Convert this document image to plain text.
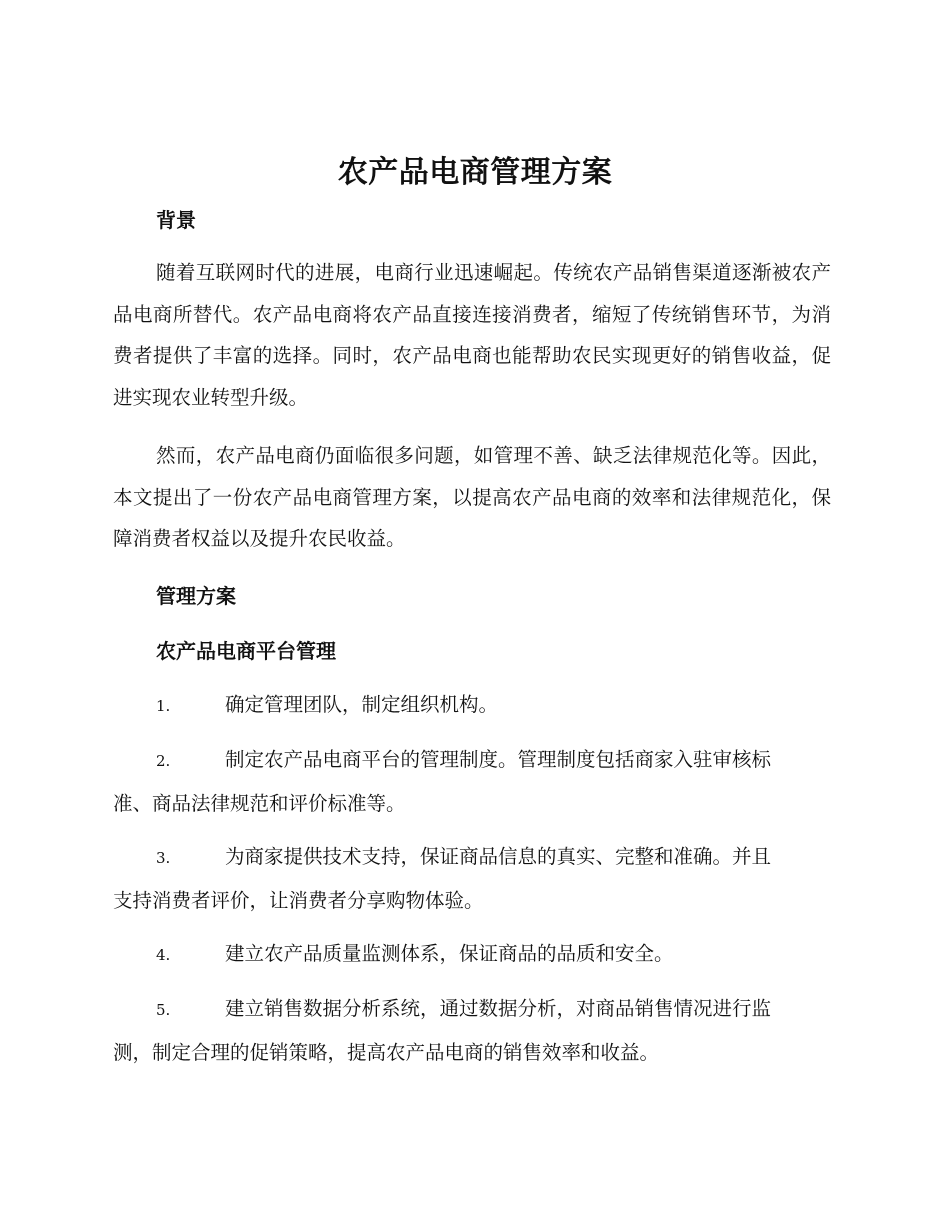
农产品电商管理方案
背景

随着互联网时代的进展，电商行业迅速崛起。传统农产品销售渠道逐渐被农产品电商所替代。农产品电商将农产品直接连接消费者，缩短了传统销售环节，为消费者提供了丰富的选择。同时，农产品电商也能帮助农民实现更好的销售收益，促进实现农业转型升级。

然而，农产品电商仍面临很多问题，如管理不善、缺乏法律规范化等。因此，本文提出了一份农产品电商管理方案，以提高农产品电商的效率和法律规范化，保障消费者权益以及提升农民收益。

管理方案
农产品电商平台管理
1.	确定管理团队，制定组织机构。
2.	制定农产品电商平台的管理制度。管理制度包括商家入驻审核标
准、商品法律规范和评价标准等。
3.	为商家提供技术支持，保证商品信息的真实、完整和准确。并且
支持消费者评价，让消费者分享购物体验。
4.	建立农产品质量监测体系，保证商品的品质和安全。
5.	建立销售数据分析系统，通过数据分析，对商品销售情况进行监
测，制定合理的促销策略，提高农产品电商的销售效率和收益。
